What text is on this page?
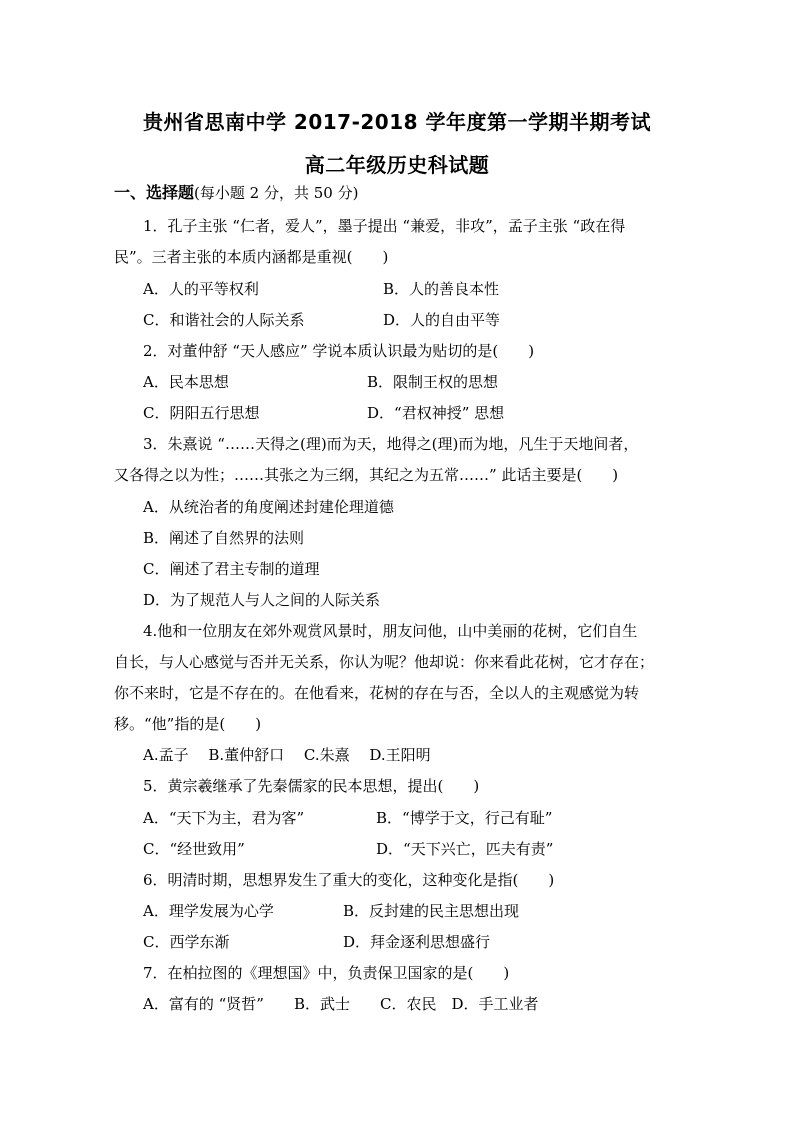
贵州省思南中学 2017-2018 学年度第一学期半期考试
高二年级历史科试题
一、选择题(每小题 2 分，共 50 分)
1．孔子主张 “仁者，爱人”，墨子提出 “兼爱，非攻”，孟子主张 “政在得
民”。三者主张的本质内涵都是重视(　　)
A．人的平等权利	B．人的善良本性
C．和谐社会的人际关系	D．人的自由平等
2．对董仲舒 “天人感应” 学说本质认识最为贴切的是(　　)
A．民本思想	B．限制王权的思想
C．阴阳五行思想	D．“君权神授” 思想
3．朱熹说 “……天得之(理)而为天，地得之(理)而为地，凡生于天地间者，
又各得之以为性；……其张之为三纲，其纪之为五常……” 此话主要是(　　)
A．从统治者的角度阐述封建伦理道德
B．阐述了自然界的法则
C．阐述了君主专制的道理
D．为了规范人与人之间的人际关系
4.他和一位朋友在郊外观赏风景时，朋友问他，山中美丽的花树，它们自生
自长，与人心感觉与否并无关系，你认为呢？他却说：你来看此花树，它才存在；
你不来时，它是不存在的。在他看来，花树的存在与否，全以人的主观感觉为转
移。“他”指的是(　　)
A.孟子　 B.董仲舒口　 C.朱熹　 D.王阳明
5．黄宗羲继承了先秦儒家的民本思想，提出(　　)
A．“天下为主，君为客”	B．“博学于文，行己有耻”
C．“经世致用”	D．“天下兴亡，匹夫有责”
6．明清时期，思想界发生了重大的变化，这种变化是指(　　)
A．理学发展为心学	B．反封建的民主思想出现
C．西学东渐	D．拜金逐利思想盛行
7．在柏拉图的《理想国》中，负责保卫国家的是(　　)
A．富有的 “贤哲”　　B．武士　　C．农民　D．手工业者
